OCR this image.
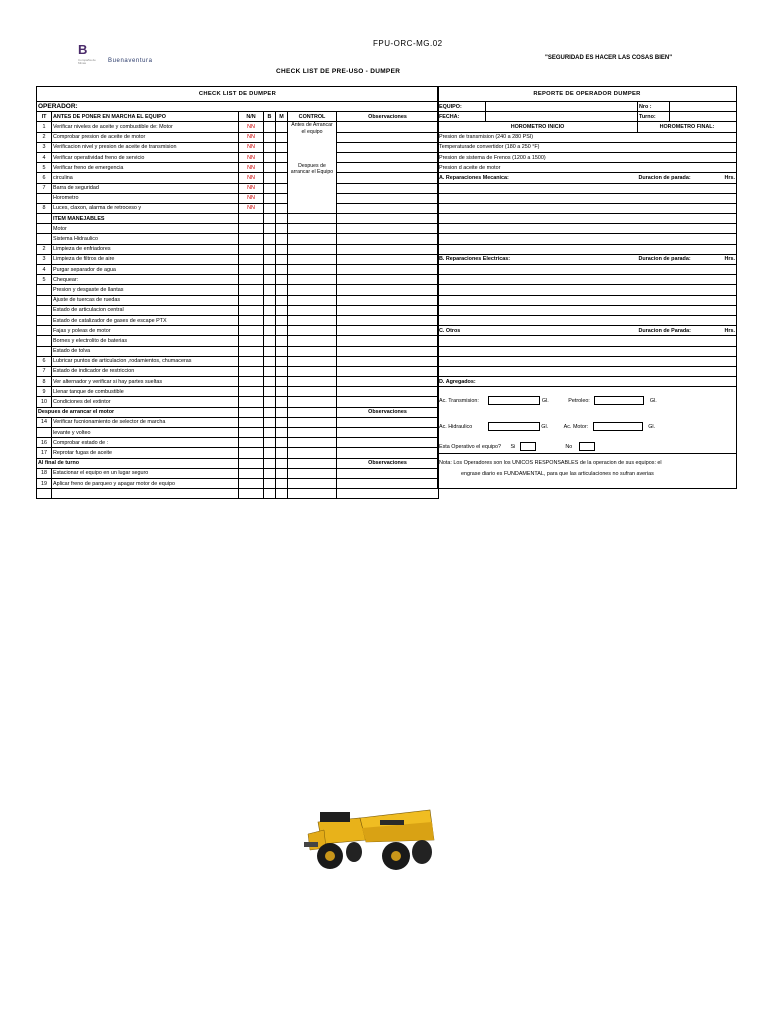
B
Compañia de Minas	Buenaventura
FPU-ORC-MG.02
"SEGURIDAD ES HACER LAS COSAS BIEN"
CHECK LIST DE PRE-USO - DUMPER
CHECK LIST DE DUMPER						
OPERADOR:						
IT	ANTES DE PONER EN MARCHA EL EQUIPO	N/N	B	M	CONTROL	Observaciones
1	Verificar niveles de aceite y combustible de: Motor	NN			Antes de Arrancar el equipo	
2	Comprobar presion de aceite de motor	NN				
3	Verificacion nivel y presion de aceite de transmision	NN				
4	Verificar operatividad freno de servicio	NN				
5	Verificar freno de emergencia	NN			Despues de arrancar el Equipo	
6	circulina	NN				
7	Barra de seguridad	NN				
	Horometro	NN				
8	Luces, claxon, alarma de retroceso y	NN				
	ITEM MANEJABLES					
	Motor					
	Sistema Hidraulico					
2	Limpieza de enfriadores					
3	Limpieza de filtros de aire					
4	Purgar separador de agua					
5	Chequear:					
	Presion y desgaste de llantas					
	Ajuste de tuercas de ruedas					
	Estado de articulacion central					
	Estado de catalizador de gases de escape PTX					
	Fajas y poleas de motor					
	Bornes y electrolito de baterias					
	Estado de tolva					
6	Lubricar puntos de articulacion ,rodamientos, chumaceras					
7	Estado de indicador de restriccion					
8	Ver alternador y verificar si hay partes sueltas					
9	Llenar tanque de combustible					
10	Condiciones del extintor					
Despues de arrancar el motor						Observaciones
14	Verificar fucnionamiento de selector de marcha					
	levante y volteo					
16	Comprobar estado de :					
17	Reprotar fugas de aceite					
Al final de turno						Observaciones
18	Estacionar el equipo en un lugar seguro					
19	Aplicar freno de parqueo y apagar motor de equipo					

REPORTE DE OPERADOR DUMPER			
EQUIPO:		Nro :	
FECHA:		Turno:	
HOROMETRO INICIO		HOROMETRO FINAL:	
Presion de transmision (240 a 280 PSI)			
Temperaturade convertidor (180 a 250 °F)			
Presion de sistema de Frenos (1200 a 1500)			
Presion d aceite de motor			
A. Reparaciones Mecanica:		Duracion de parada: Hrs.	

B. Reparaciones Electricas:		Duracion de parada: Hrs.	

C. Otros		Duracion de Parada: Hrs.	

D. Agregados:			
Ac. Transmision: Gl. Petroleo: Gl.			
Ac. Hidraulico Gl. Ac. Motor: Gl.			
Esta Operativo el equipo? Si No			

Nota: Los Operadores son los UNICOS RESPONSABLES de la operacion de sus equipos: el
engrase diario es FUNDAMENTAL, para que las articulaciones no sufran averias			
